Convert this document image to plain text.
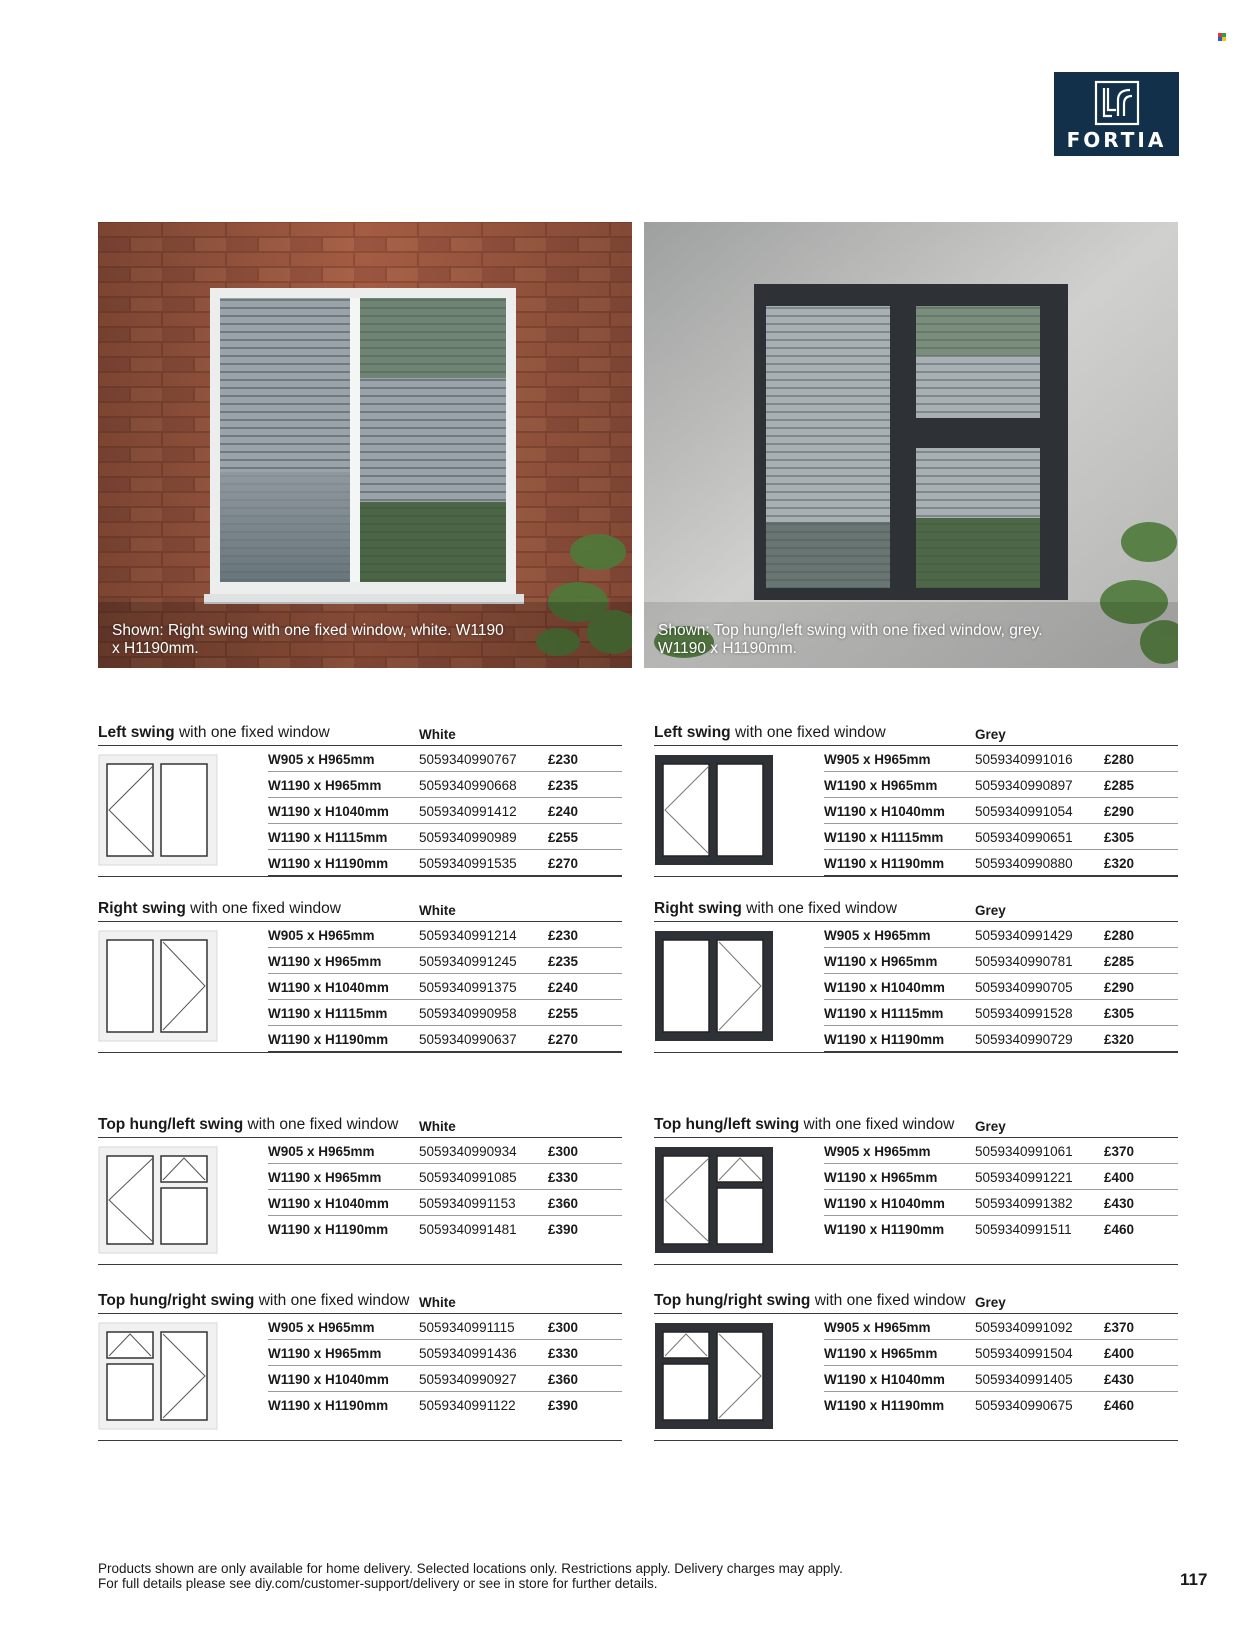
FORTIA
Shown: Right swing with one fixed window, white. W1190 x H1190mm.
Shown: Top hung/left swing with one fixed window, grey. W1190 x H1190mm.
Left swing with one fixed window	White
W905 x H965mm	5059340990767 £230
W1190 x H965mm	5059340990668 £235
W1190 x H1040mm 5059340991412 £240
W1190 x H1115mm 5059340990989 £255
W1190 x H1190mm 5059340991535 £270
Left swing with one fixed window	Grey
W905 x H965mm	5059340991016 £280
W1190 x H965mm	5059340990897 £285
W1190 x H1040mm 5059340991054 £290
W1190 x H1115mm 5059340990651 £305
W1190 x H1190mm 5059340990880 £320
Right swing with one fixed window	White
W905 x H965mm	5059340991214 £230
W1190 x H965mm	5059340991245 £235
W1190 x H1040mm 5059340991375 £240
W1190 x H1115mm 5059340990958 £255
W1190 x H1190mm 5059340990637 £270
Right swing with one fixed window	Grey
W905 x H965mm	5059340991429 £280
W1190 x H965mm	5059340990781 £285
W1190 x H1040mm 5059340990705 £290
W1190 x H1115mm 5059340991528 £305
W1190 x H1190mm 5059340990729 £320
Top hung/left swing with one fixed window White
W905 x H965mm	5059340990934 £300
W1190 x H965mm	5059340991085 £330
W1190 x H1040mm 5059340991153 £360
W1190 x H1190mm 5059340991481 £390
Top hung/left swing with one fixed window Grey
W905 x H965mm	5059340991061 £370
W1190 x H965mm	5059340991221 £400
W1190 x H1040mm 5059340991382 £430
W1190 x H1190mm 5059340991511 £460
Top hung/right swing with one fixed window White
W905 x H965mm	5059340991115 £300
W1190 x H965mm	5059340991436 £330
W1190 x H1040mm 5059340990927 £360
W1190 x H1190mm 5059340991122 £390
Top hung/right swing with one fixed window Grey
W905 x H965mm	5059340991092 £370
W1190 x H965mm	5059340991504 £400
W1190 x H1040mm 5059340991405 £430
W1190 x H1190mm 5059340990675 £460
Products shown are only available for home delivery. Selected locations only. Restrictions apply. Delivery charges may apply.
For full details please see diy.com/customer-support/delivery or see in store for further details.	117
